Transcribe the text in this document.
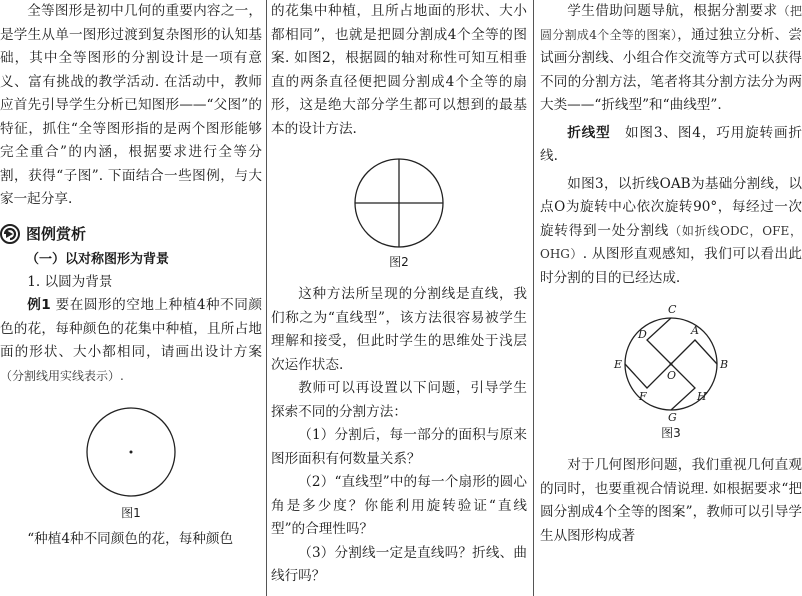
全等图形是初中几何的重要内容之一，是学生从单一图形过渡到复杂图形的认知基础，其中全等图形的分割设计是一项有意义、富有挑战的教学活动. 在活动中，教师应首先引导学生分析已知图形——“父图”的特征，抓住“全等图形指的是两个图形能够完全重合”的内涵，根据要求进行全等分割，获得“子图”. 下面结合一些图例，与大家一起分享.

图例赏析
（一）以对称图形为背景

1. 以圆为背景

例1 要在圆形的空地上种植4种不同颜色的花，每种颜色的花集中种植，且所占地面的形状、大小都相同，请画出设计方案（分割线用实线表示）.

图1

“种植4种不同颜色的花，每种颜色

的花集中种植，且所占地面的形状、大小都相同”，也就是把圆分割成4个全等的图案. 如图2，根据圆的轴对称性可知互相垂直的两条直径便把圆分割成4个全等的扇形，这是绝大部分学生都可以想到的最基本的设计方法.

图2

这种方法所呈现的分割线是直线，我们称之为“直线型”，该方法很容易被学生理解和接受，但此时学生的思维处于浅层次运作状态.

教师可以再设置以下问题，引导学生探索不同的分割方法：

（1）分割后，每一部分的面积与原来图形面积有何数量关系？

（2）“直线型”中的每一个扇形的圆心角是多少度？你能利用旋转验证“直线型”的合理性吗？

（3）分割线一定是直线吗？折线、曲线行吗？

学生借助问题导航，根据分割要求（把圆分割成4个全等的图案），通过独立分析、尝试画分割线、小组合作交流等方式可以获得不同的分割方法，笔者将其分割方法分为两大类——“折线型”和“曲线型”.

折线型　 如图3、图4，巧用旋转画折线.

如图3，以折线OAB为基础分割线，以点O为旋转中心依次旋转90°，每经过一次旋转得到一处分割线（如折线ODC，OFE，OHG）. 从图形直观感知，我们可以看出此时分割的目的已经达成.

A
B
C
D
E
F
G
H
O
图3

对于几何图形问题，我们重视几何直观的同时，也要重视合情说理. 如根据要求“把圆分割成4个全等的图案”，教师可以引导学生从图形构成著
